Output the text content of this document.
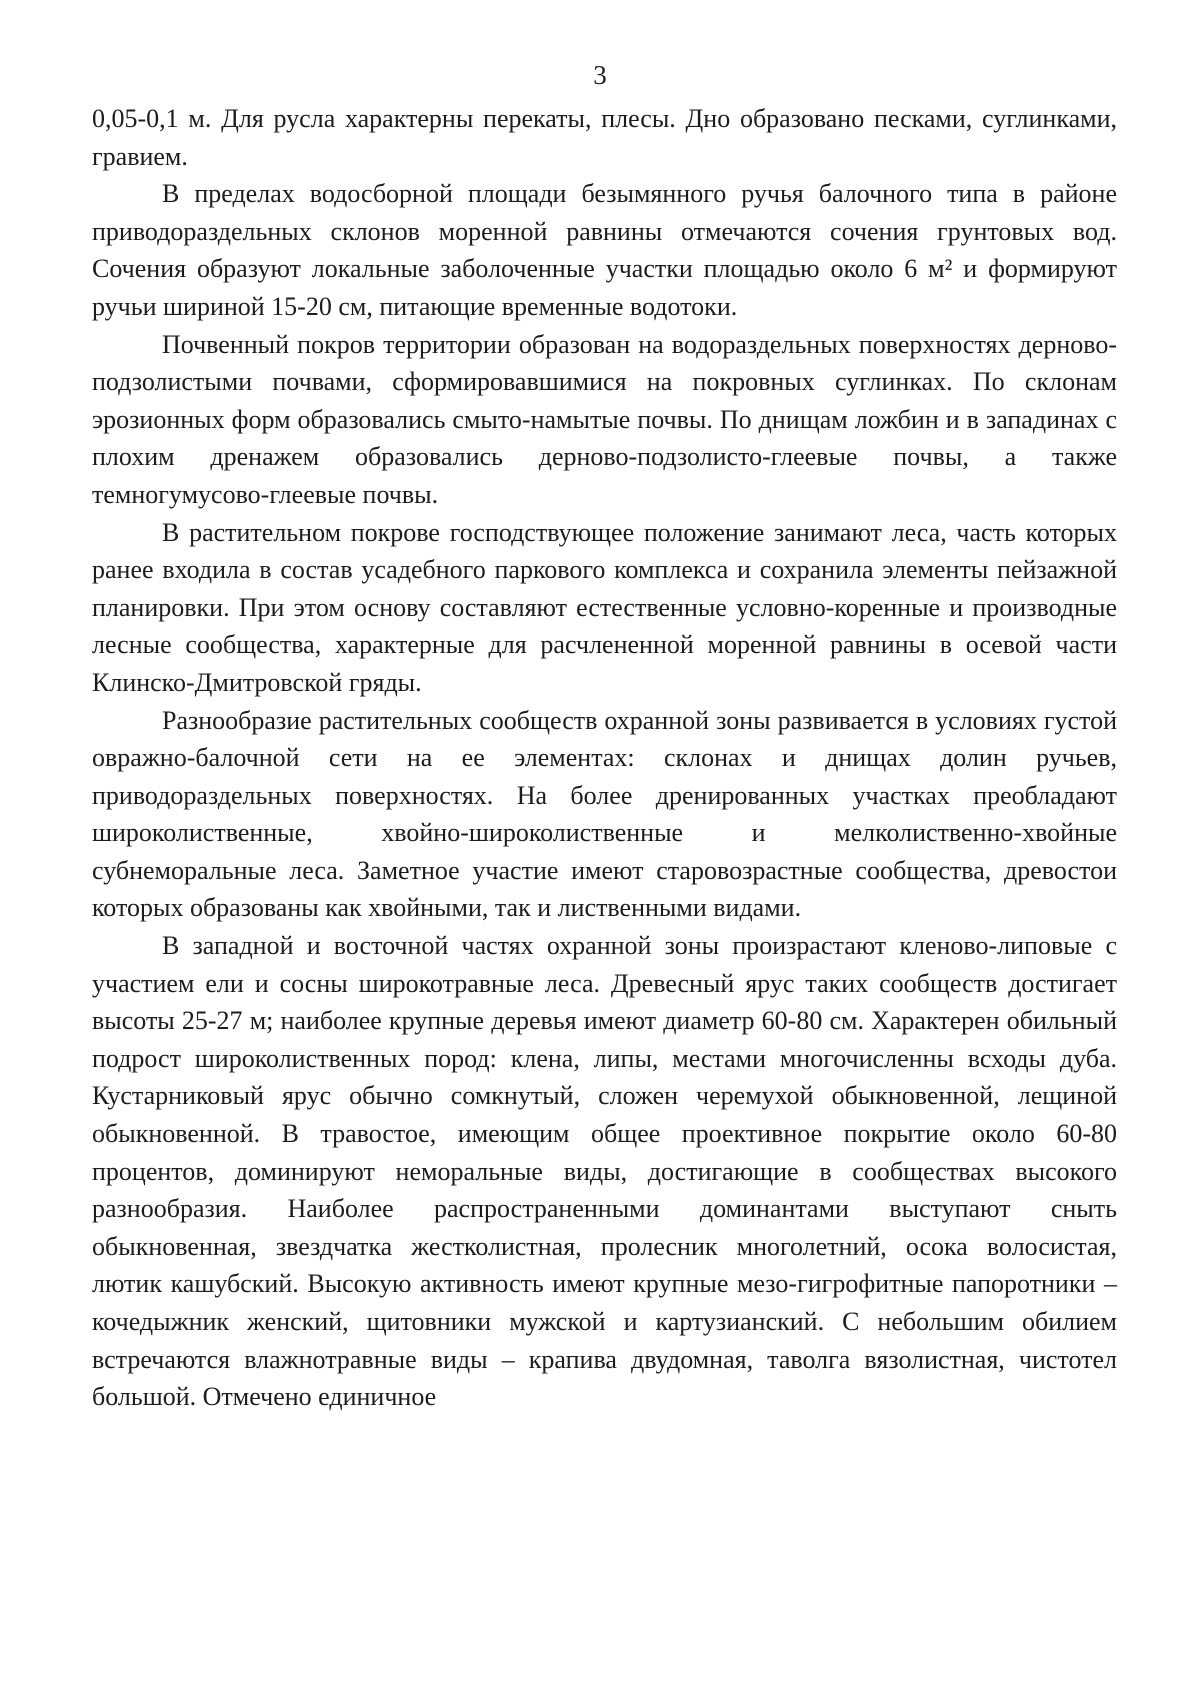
3

0,05-0,1 м. Для русла характерны перекаты, плесы. Дно образовано песками, суглинками, гравием.

В пределах водосборной площади безымянного ручья балочного типа в районе приводораздельных склонов моренной равнины отмечаются сочения грунтовых вод. Сочения образуют локальные заболоченные участки площадью около 6 м² и формируют ручьи шириной 15-20 см, питающие временные водотоки.

Почвенный покров территории образован на водораздельных поверхностях дерново-подзолистыми почвами, сформировавшимися на покровных суглинках. По склонам эрозионных форм образовались смыто-намытые почвы. По днищам ложбин и в западинах с плохим дренажем образовались дерново-подзолисто-глеевые почвы, а также темногумусово-глеевые почвы.

В растительном покрове господствующее положение занимают леса, часть которых ранее входила в состав усадебного паркового комплекса и сохранила элементы пейзажной планировки. При этом основу составляют естественные условно-коренные и производные лесные сообщества, характерные для расчлененной моренной равнины в осевой части Клинско-Дмитровской гряды.

Разнообразие растительных сообществ охранной зоны развивается в условиях густой овражно-балочной сети на ее элементах: склонах и днищах долин ручьев, приводораздельных поверхностях. На более дренированных участках преобладают широколиственные, хвойно-широколиственные и мелколиственно-хвойные субнеморальные леса. Заметное участие имеют старовозрастные сообщества, древостои которых образованы как хвойными, так и лиственными видами.

В западной и восточной частях охранной зоны произрастают кленово-липовые с участием ели и сосны широкотравные леса. Древесный ярус таких сообществ достигает высоты 25-27 м; наиболее крупные деревья имеют диаметр 60-80 см. Характерен обильный подрост широколиственных пород: клена, липы, местами многочисленны всходы дуба. Кустарниковый ярус обычно сомкнутый, сложен черемухой обыкновенной, лещиной обыкновенной. В травостое, имеющим общее проективное покрытие около 60-80 процентов, доминируют неморальные виды, достигающие в сообществах высокого разнообразия. Наиболее распространенными доминантами выступают сныть обыкновенная, звездчатка жестколистная, пролесник многолетний, осока волосистая, лютик кашубский. Высокую активность имеют крупные мезо-гигрофитные папоротники – кочедыжник женский, щитовники мужской и картузианский. С небольшим обилием встречаются влажнотравные виды – крапива двудомная, таволга вязолистная, чистотел большой. Отмечено единичное
